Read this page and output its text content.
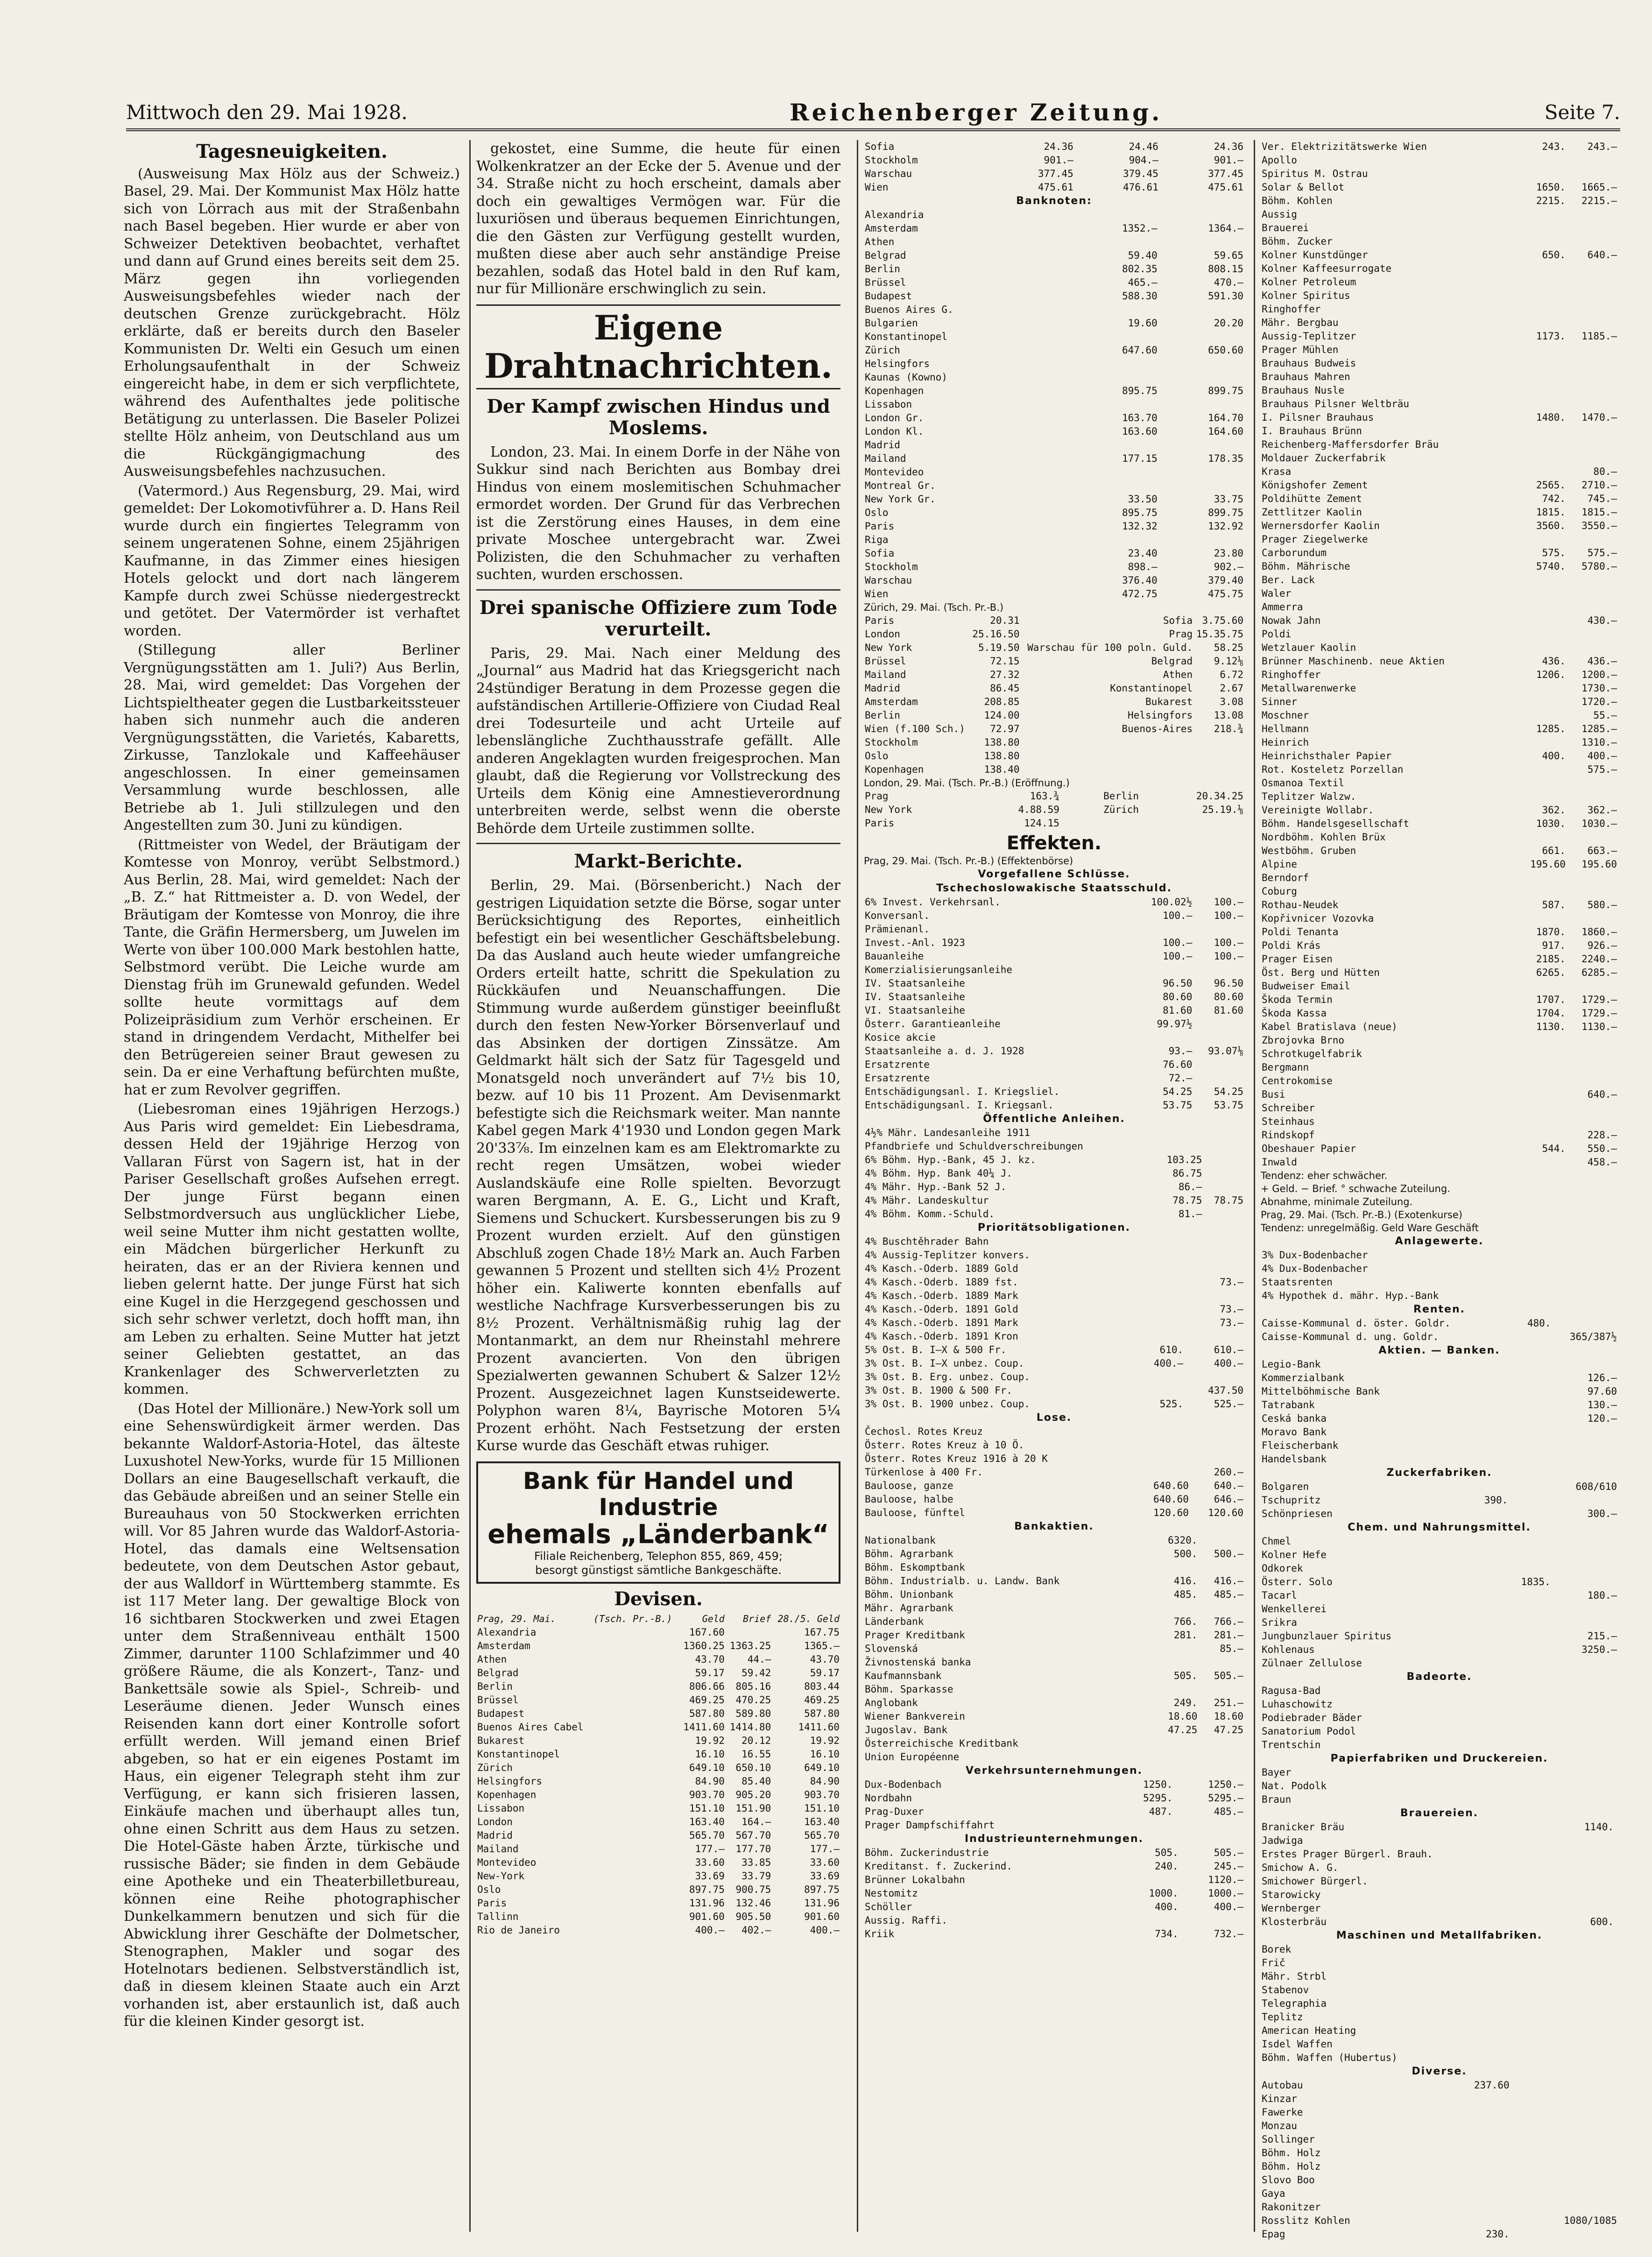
Mittwoch den 29. Mai 1928.	Reichenberger Zeitung.	Seite 7.
Tagesneuigkeiten.

(Ausweisung Max Hölz aus der Schweiz.) Basel, 29. Mai. Der Kommunist Max Hölz hatte sich von Lörrach aus mit der Straßenbahn nach Basel begeben. Hier wurde er aber von Schweizer Detektiven beobachtet, verhaftet und dann auf Grund eines bereits seit dem 25. März gegen ihn vorliegenden Ausweisungsbefehles wieder nach der deutschen Grenze zurückgebracht. Hölz erklärte, daß er bereits durch den Baseler Kommunisten Dr. Welti ein Gesuch um einen Erholungsaufenthalt in der Schweiz eingereicht habe, in dem er sich verpflichtete, während des Aufenthaltes jede politische Betätigung zu unterlassen. Die Baseler Polizei stellte Hölz anheim, von Deutschland aus um die Rückgängigmachung des Ausweisungsbefehles nachzusuchen.

(Vatermord.) Aus Regensburg, 29. Mai, wird gemeldet: Der Lokomotivführer a. D. Hans Reil wurde durch ein fingiertes Telegramm von seinem ungeratenen Sohne, einem 25jährigen Kaufmanne, in das Zimmer eines hiesigen Hotels gelockt und dort nach längerem Kampfe durch zwei Schüsse niedergestreckt und getötet. Der Vatermörder ist verhaftet worden.

(Stillegung aller Berliner Vergnügungsstätten am 1. Juli?) Aus Berlin, 28. Mai, wird gemeldet: Das Vorgehen der Lichtspieltheater gegen die Lustbarkeitssteuer haben sich nunmehr auch die anderen Vergnügungsstätten, die Varietés, Kabaretts, Zirkusse, Tanzlokale und Kaffeehäuser angeschlossen. In einer gemeinsamen Versammlung wurde beschlossen, alle Betriebe ab 1. Juli stillzulegen und den Angestellten zum 30. Juni zu kündigen.

(Rittmeister von Wedel, der Bräutigam der Komtesse von Monroy, verübt Selbstmord.) Aus Berlin, 28. Mai, wird gemeldet: Nach der „B. Z.“ hat Rittmeister a. D. von Wedel, der Bräutigam der Komtesse von Monroy, die ihre Tante, die Gräfin Hermersberg, um Juwelen im Werte von über 100.000 Mark bestohlen hatte, Selbstmord verübt. Die Leiche wurde am Dienstag früh im Grunewald gefunden. Wedel sollte heute vormittags auf dem Polizeipräsidium zum Verhör erscheinen. Er stand in dringendem Verdacht, Mithelfer bei den Betrügereien seiner Braut gewesen zu sein. Da er eine Verhaftung befürchten mußte, hat er zum Revolver gegriffen.

(Liebesroman eines 19jährigen Herzogs.) Aus Paris wird gemeldet: Ein Liebesdrama, dessen Held der 19jährige Herzog von Vallaran Fürst von Sagern ist, hat in der Pariser Gesellschaft großes Aufsehen erregt. Der junge Fürst begann einen Selbstmordversuch aus unglücklicher Liebe, weil seine Mutter ihm nicht gestatten wollte, ein Mädchen bürgerlicher Herkunft zu heiraten, das er an der Riviera kennen und lieben gelernt hatte. Der junge Fürst hat sich eine Kugel in die Herzgegend geschossen und sich sehr schwer verletzt, doch hofft man, ihn am Leben zu erhalten. Seine Mutter hat jetzt seiner Geliebten gestattet, an das Krankenlager des Schwerverletzten zu kommen.

(Das Hotel der Millionäre.) New-York soll um eine Sehenswürdigkeit ärmer werden. Das bekannte Waldorf-Astoria-Hotel, das älteste Luxushotel New-Yorks, wurde für 15 Millionen Dollars an eine Baugesellschaft verkauft, die das Gebäude abreißen und an seiner Stelle ein Bureauhaus von 50 Stockwerken errichten will. Vor 85 Jahren wurde das Waldorf-Astoria-Hotel, das damals eine Weltsensation bedeutete, von dem Deutschen Astor gebaut, der aus Walldorf in Württemberg stammte. Es ist 117 Meter lang. Der gewaltige Block von 16 sichtbaren Stockwerken und zwei Etagen unter dem Straßenniveau enthält 1500 Zimmer, darunter 1100 Schlafzimmer und 40 größere Räume, die als Konzert-, Tanz- und Bankettsäle sowie als Spiel-, Schreib- und Leseräume dienen. Jeder Wunsch eines Reisenden kann dort einer Kontrolle sofort erfüllt werden. Will jemand einen Brief abgeben, so hat er ein eigenes Postamt im Haus, ein eigener Telegraph steht ihm zur Verfügung, er kann sich frisieren lassen, Einkäufe machen und überhaupt alles tun, ohne einen Schritt aus dem Haus zu setzen. Die Hotel-Gäste haben Ärzte, türkische und russische Bäder; sie finden in dem Gebäude eine Apotheke und ein Theaterbilletbureau, können eine Reihe photographischer Dunkelkammern benutzen und sich für die Abwicklung ihrer Geschäfte der Dolmetscher, Stenographen, Makler und sogar des Hotelnotars bedienen. Selbstverständlich ist, daß in diesem kleinen Staate auch ein Arzt vorhanden ist, aber erstaunlich ist, daß auch für die kleinen Kinder gesorgt ist.

gekostet, eine Summe, die heute für einen Wolkenkratzer an der Ecke der 5. Avenue und der 34. Straße nicht zu hoch erscheint, damals aber doch ein gewaltiges Vermögen war. Für die luxuriösen und überaus bequemen Einrichtungen, die den Gästen zur Verfügung gestellt wurden, mußten diese aber auch sehr anständige Preise bezahlen, sodaß das Hotel bald in den Ruf kam, nur für Millionäre erschwinglich zu sein.

Eigene Drahtnachrichten.
Der Kampf zwischen Hindus und Moslems.

London, 23. Mai. In einem Dorfe in der Nähe von Sukkur sind nach Berichten aus Bombay drei Hindus von einem moslemitischen Schuhmacher ermordet worden. Der Grund für das Verbrechen ist die Zerstörung eines Hauses, in dem eine private Moschee untergebracht war. Zwei Polizisten, die den Schuhmacher zu verhaften suchten, wurden erschossen.

Drei spanische Offiziere zum Tode verurteilt.

Paris, 29. Mai. Nach einer Meldung des „Journal“ aus Madrid hat das Kriegsgericht nach 24stündiger Beratung in dem Prozesse gegen die aufständischen Artillerie-Offiziere von Ciudad Real drei Todesurteile und acht Urteile auf lebenslängliche Zuchthausstrafe gefällt. Alle anderen Angeklagten wurden freigesprochen. Man glaubt, daß die Regierung vor Vollstreckung des Urteils dem König eine Amnestieverordnung unterbreiten werde, selbst wenn die oberste Behörde dem Urteile zustimmen sollte.

Markt-Berichte.

Berlin, 29. Mai. (Börsenbericht.) Nach der gestrigen Liquidation setzte die Börse, sogar unter Berücksichtigung des Reportes, einheitlich befestigt ein bei wesentlicher Geschäftsbelebung. Da das Ausland auch heute wieder umfangreiche Orders erteilt hatte, schritt die Spekulation zu Rückkäufen und Neuanschaffungen. Die Stimmung wurde außerdem günstiger beeinflußt durch den festen New-Yorker Börsenverlauf und das Absinken der dortigen Zinssätze. Am Geldmarkt hält sich der Satz für Tagesgeld und Monatsgeld noch unverändert auf 7½ bis 10, bezw. auf 10 bis 11 Prozent. Am Devisenmarkt befestigte sich die Reichsmark weiter. Man nannte Kabel gegen Mark 4'1930 und London gegen Mark 20'33⅞. Im einzelnen kam es am Elektromarkte zu recht regen Umsätzen, wobei wieder Auslandskäufe eine Rolle spielten. Bevorzugt waren Bergmann, A. E. G., Licht und Kraft, Siemens und Schuckert. Kursbesserungen bis zu 9 Prozent wurden erzielt. Auf den günstigen Abschluß zogen Chade 18½ Mark an. Auch Farben gewannen 5 Prozent und stellten sich 4½ Prozent höher ein. Kaliwerte konnten ebenfalls auf westliche Nachfrage Kursverbesserungen bis zu 8½ Prozent. Verhältnismäßig ruhig lag der Montanmarkt, an dem nur Rheinstahl mehrere Prozent avancierten. Von den übrigen Spezialwerten gewannen Schubert & Salzer 12½ Prozent. Ausgezeichnet lagen Kunstseidewerte. Polyphon waren 8¼, Bayrische Motoren 5¼ Prozent erhöht. Nach Festsetzung der ersten Kurse wurde das Geschäft etwas ruhiger.

Bank für Handel und Industrie
ehemals „Länderbank“
Filiale Reichenberg, Telephon 855, 869, 459;
besorgt günstigst sämtliche Bankgeschäfte.
Devisen.
Prag, 29. Mai.	(Tsch. Pr.-B.)	Geld	Brief	28./5. Geld
Alexandria		167.60		167.75
Amsterdam		1360.25	1363.25	1365.—
Athen		43.70	44.—	43.70
Belgrad		59.17	59.42	59.17
Berlin		806.66	805.16	803.44
Brüssel		469.25	470.25	469.25
Budapest		587.80	589.80	587.80
Buenos Aires Cabel		1411.60	1414.80	1411.60
Bukarest		19.92	20.12	19.92
Konstantinopel		16.10	16.55	16.10
Zürich		649.10	650.10	649.10
Helsingfors		84.90	85.40	84.90
Kopenhagen		903.70	905.20	903.70
Lissabon		151.10	151.90	151.10
London		163.40	164.—	163.40
Madrid		565.70	567.70	565.70
Mailand		177.—	177.70	177.—
Montevideo		33.60	33.85	33.60
New-York		33.69	33.79	33.69
Oslo		897.75	900.75	897.75
Paris		131.96	132.46	131.96
Tallinn		901.60	905.50	901.60
Rio de Janeiro		400.—	402.—	400.—
Sofia	24.36	24.46	24.36
Stockholm	901.—	904.—	901.—
Warschau	377.45	379.45	377.45
Wien	475.61	476.61	475.61
Banknoten:
Alexandria		
Amsterdam	1352.—	1364.—
Athen		
Belgrad	59.40	59.65
Berlin	802.35	808.15
Brüssel	465.—	470.—
Budapest	588.30	591.30
Buenos Aires G.		
Bulgarien	19.60	20.20
Konstantinopel		
Zürich	647.60	650.60
Helsingfors		
Kaunas (Kowno)		
Kopenhagen	895.75	899.75
Lissabon		
London Gr.	163.70	164.70
London Kl.	163.60	164.60
Madrid		
Mailand	177.15	178.35
Montevideo		
Montreal Gr.		
New York Gr.	33.50	33.75
Oslo	895.75	899.75
Paris	132.32	132.92
Riga		
Sofia	23.40	23.80
Stockholm	898.—	902.—
Warschau	376.40	379.40
Wien	472.75	475.75
Zürich, 29. Mai. (Tsch. Pr.-B.)
Paris	20.31	Sofia	3.75.60
London	25.16.50	Prag	15.35.75
New York	5.19.50	Warschau für 100 poln. Guld.	58.25
Brüssel	72.15	Belgrad	9.12⅛
Mailand	27.32	Athen	6.72
Madrid	86.45	Konstantinopel	2.67
Amsterdam	208.85	Bukarest	3.08
Berlin	124.00	Helsingfors	13.08
Wien (f.100 Sch.)	72.97	Buenos-Aires	218.¾
Stockholm	138.80		
Oslo	138.80		
Kopenhagen	138.40		
London, 29. Mai. (Tsch. Pr.-B.) (Eröffnung.)
Prag	163.¾	Berlin	20.34.25
New York	4.88.59	Zürich	25.19.⅛
Paris	124.15		
Effekten.
Prag, 29. Mai. (Tsch. Pr.-B.) (Effektenbörse)
Vorgefallene Schlüsse.
Tschechoslowakische Staatsschuld.
6% Invest. Verkehrsanl.	100.02½	100.—
Konversanl.	100.—	100.—
Prämienanl.		
Invest.-Anl. 1923	100.—	100.—
Bauanleihe	100.—	100.—
Komerzialisierungsanleihe		
IV. Staatsanleihe	96.50	96.50
IV. Staatsanleihe	80.60	80.60
VI. Staatsanleihe	81.60	81.60
Österr. Garantieanleihe	99.97½	
Kosice akcie		
Staatsanleihe a. d. J. 1928	93.—	93.07⅛
Ersatzrente	76.60	
Ersatzrente	72.—	
Entschädigungsanl. I. Kriegsliel.	54.25	54.25
Entschädigungsanl. I. Kriegsanl.	53.75	53.75
Öffentliche Anleihen.
4½% Mähr. Landesanleihe 1911		
Pfandbriefe und Schuldverschreibungen		
6% Böhm. Hyp.-Bank, 45 J. kz.	103.25	
4% Böhm. Hyp. Bank 40¼ J.	86.75	
4% Mähr. Hyp.-Bank 52 J.	86.—	
4% Mähr. Landeskultur	78.75	78.75
4% Böhm. Komm.-Schuld.	81.—	
Prioritätsobligationen.
4% Buschtěhrader Bahn		
4% Aussig-Teplitzer konvers.		
4% Kasch.-Oderb. 1889 Gold		
4% Kasch.-Oderb. 1889 fst.		73.—
4% Kasch.-Oderb. 1889 Mark		
4% Kasch.-Oderb. 1891 Gold		73.—
4% Kasch.-Oderb. 1891 Mark		73.—
4% Kasch.-Oderb. 1891 Kron		
5% Ost. B. I—X & 500 Fr.	610.	610.—
3% Ost. B. I—X unbez. Coup.	400.—	400.—
3% Ost. B. Erg. unbez. Coup.		
3% Ost. B. 1900 & 500 Fr.		437.50
3% Ost. B. 1900 unbez. Coup.	525.	525.—
Lose.
Čechosl. Rotes Kreuz		
Österr. Rotes Kreuz à 10 Ö.		
Österr. Rotes Kreuz 1916 à 20 K		
Türkenlose à 400 Fr.		260.—
Bauloose, ganze	640.60	640.—
Bauloose, halbe	640.60	646.—
Bauloose, fünftel	120.60	120.60
Bankaktien.
Nationalbank	6320.	
Böhm. Agrarbank	500.	500.—
Böhm. Eskomptbank		
Böhm. Industrialb. u. Landw. Bank	416.	416.—
Böhm. Unionbank	485.	485.—
Mähr. Agrarbank		
Länderbank	766.	766.—
Prager Kreditbank	281.	281.—
Slovenská		85.—
Živnostenská banka		
Kaufmannsbank	505.	505.—
Böhm. Sparkasse		
Anglobank	249.	251.—
Wiener Bankverein	18.60	18.60
Jugoslav. Bank	47.25	47.25
Österreichische Kreditbank		
Union Européenne		
Verkehrsunternehmungen.
Dux-Bodenbach	1250.	1250.—
Nordbahn	5295.	5295.—
Prag-Duxer	487.	485.—
Prager Dampfschiffahrt		
Industrieunternehmungen.
Böhm. Zuckerindustrie	505.	505.—
Kreditanst. f. Zuckerind.	240.	245.—
Brünner Lokalbahn		1120.—
Nestomitz	1000.	1000.—
Schöller	400.	400.—
Aussig. Raffi.		
Kriik	734.	732.—
Ver. Elektrizitätswerke Wien	243.	243.—
Apollo		
Spiritus M. Ostrau		
Solar & Bellot	1650.	1665.—
Böhm. Kohlen	2215.	2215.—
Aussig		
Brauerei		
Böhm. Zucker		
Kolner Kunstdünger	650.	640.—
Kolner Kaffeesurrogate		
Kolner Petroleum		
Kolner Spiritus		
Ringhoffer		
Mähr. Bergbau		
Aussig-Teplitzer	1173.	1185.—
Prager Mühlen		
Brauhaus Budweis		
Brauhaus Mahren		
Brauhaus Nusle		
Brauhaus Pilsner Weltbräu		
I. Pilsner Brauhaus	1480.	1470.—
I. Brauhaus Brünn		
Reichenberg-Maffersdorfer Bräu		
Moldauer Zuckerfabrik		
Krasa		80.—
Königshofer Zement	2565.	2710.—
Poldihütte Zement	742.	745.—
Zettlitzer Kaolin	1815.	1815.—
Wernersdorfer Kaolin	3560.	3550.—
Prager Ziegelwerke		
Carborundum	575.	575.—
Böhm. Mährische	5740.	5780.—
Ber. Lack		
Waler		
Ammerra		
Nowak Jahn		430.—
Poldi		
Wetzlauer Kaolin		
Brünner Maschinenb. neue Aktien	436.	436.—
Ringhoffer	1206.	1200.—
Metallwarenwerke		1730.—
Sinner		1720.—
Moschner		55.—
Hellmann	1285.	1285.—
Heinrich		1310.—
Heinrichsthaler Papier	400.	400.—
Rot. Kosteletz Porzellan		575.—
Osmanoa Textil		
Teplitzer Walzw.		
Vereinigte Wollabr.	362.	362.—
Böhm. Handelsgesellschaft	1030.	1030.—
Nordböhm. Kohlen Brüx		
Westböhm. Gruben	661.	663.—
Alpine	195.60	195.60
Berndorf		
Coburg		
Rothau-Neudek	587.	580.—
Kopřivnicer Vozovka		
Poldi Tenanta	1870.	1860.—
Poldi Krás	917.	926.—
Prager Eisen	2185.	2240.—
Öst. Berg und Hütten	6265.	6285.—
Budweiser Email		
Škoda Termin	1707.	1729.—
Škoda Kassa	1704.	1729.—
Kabel Bratislava (neue)	1130.	1130.—
Zbrojovka Brno		
Schrotkugelfabrik		
Bergmann		
Centrokomise		
Busi		640.—
Schreiber		
Steinhaus		
Rindskopf		228.—
Obeshauer Papier	544.	550.—
Inwald		458.—
Tendenz: eher schwächer.
+ Geld. − Brief. ° schwache Zuteilung.
Abnahme, minimale Zuteilung.
Prag, 29. Mai. (Tsch. Pr.-B.) (Exotenkurse)
Tendenz: unregelmäßig. Geld Ware Geschäft
Anlagewerte.
3% Dux-Bodenbacher		
4% Dux-Bodenbacher		
Staatsrenten		
4% Hypothek d. mähr. Hyp.-Bank		
Renten.
Caisse-Kommunal d. öster. Goldr.	480.	
Caisse-Kommunal d. ung. Goldr.		365/387½
Aktien. — Banken.
Legio-Bank		
Kommerzialbank		126.—
Mittelböhmische Bank		97.60
Tatrabank		130.—
Ceská banka		120.—
Moravo Bank		
Fleischerbank		
Handelsbank		
Zuckerfabriken.
Bolgaren		608/610
Tschupritz	390.	
Schönpriesen		300.—
Chem. und Nahrungsmittel.
Chmel		
Kolner Hefe		
Odkorek		
Österr. Solo	1835.	
Tacarl		180.—
Wenkellerei		
Srikra		
Jungbunzlauer Spiritus		215.—
Kohlenaus		3250.—
Zülnaer Zellulose		
Badeorte.
Ragusa-Bad		
Luhaschowitz		
Podiebrader Bäder		
Sanatorium Podol		
Trentschin		
Papierfabriken und Druckereien.
Bayer		
Nat. Podolk		
Braun		
Brauereien.
Branicker Bräu	1140.	
Jadwiga		
Erstes Prager Bürgerl. Brauh.		
Smichow A. G.		
Smichower Bürgerl.		
Starowicky		
Wernberger		
Klosterbräu	600.	
Maschinen und Metallfabriken.
Borek		
Frič		
Mähr. Strbl		
Stabenov		
Telegraphia		
Teplitz		
American Heating		
Isdel Waffen		
Böhm. Waffen (Hubertus)		
Diverse.
Autobau	237.60	
Kinzar		
Fawerke		
Monzau		
Sollinger		
Böhm. Holz		
Böhm. Holz		
Slovo Boo		
Gaya		
Rakonitzer		
Rosslitz Kohlen		1080/1085
Epag	230.	
